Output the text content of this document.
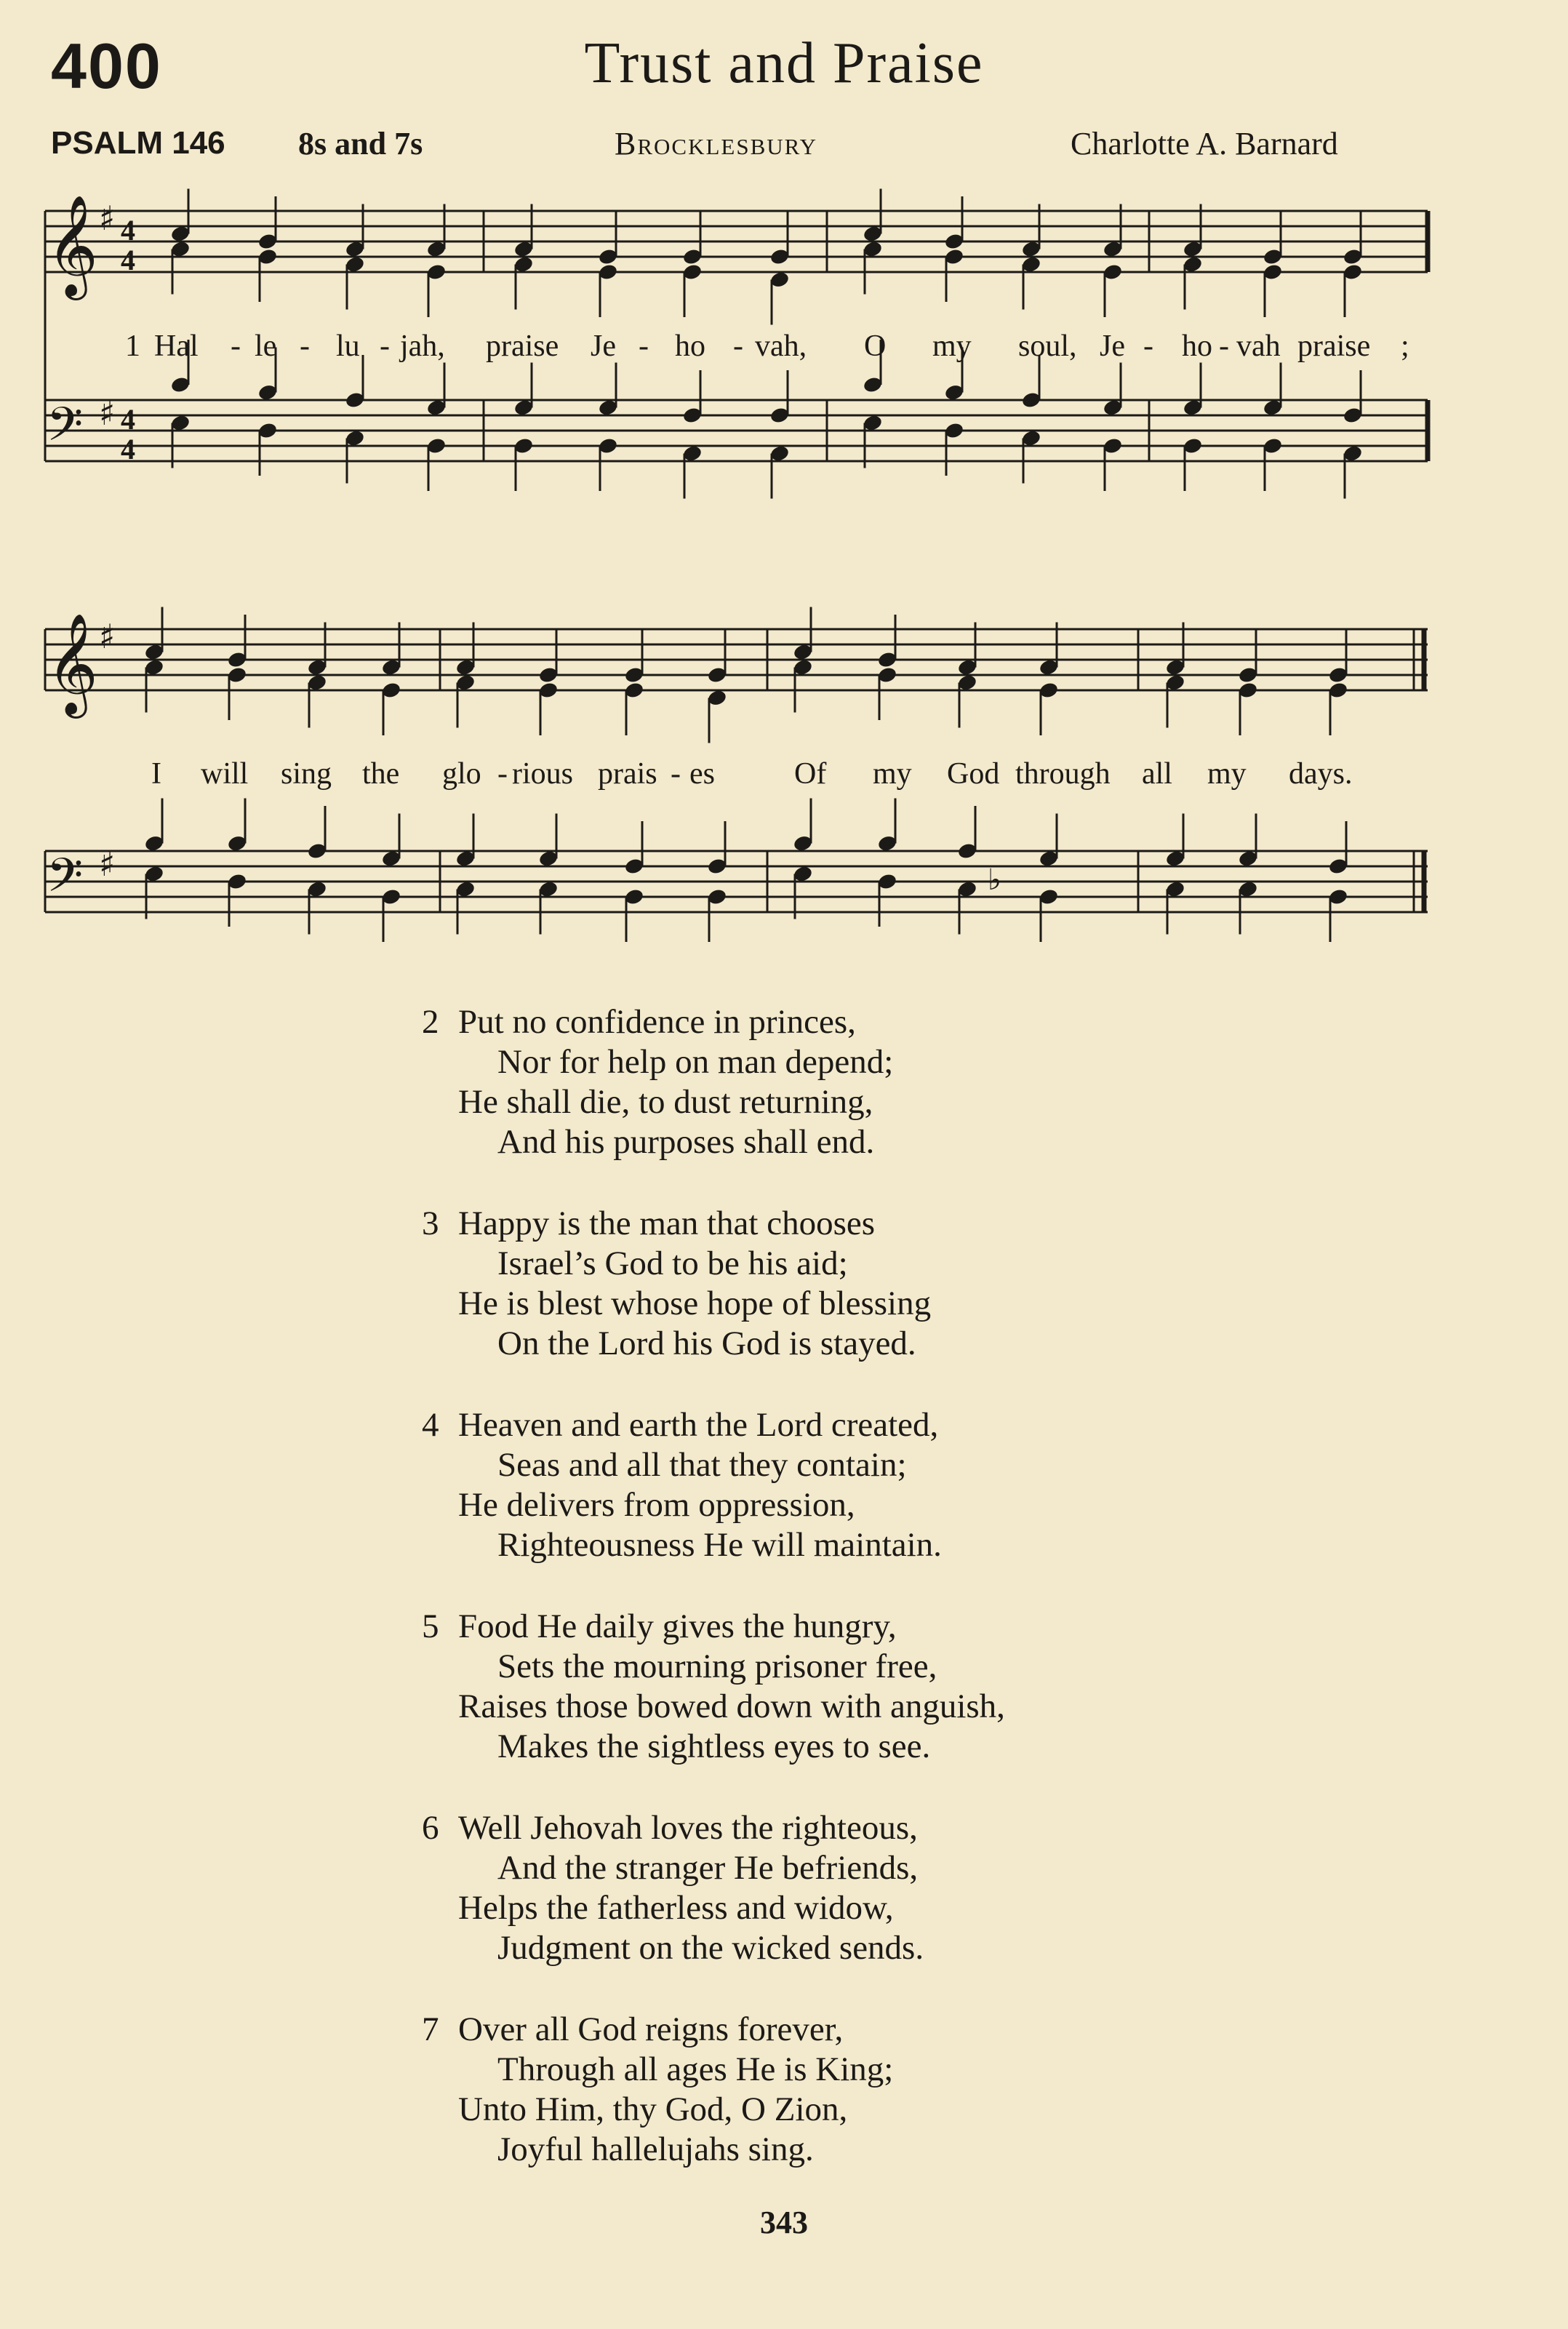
400	Trust and Praise
PSALM 146 8s and 7s	Brocklesbury	Charlotte A. Barnard
𝄞
𝄢
♯
♯
4
4
4
4
1 Hal - le - lu - jah, praise Je - ho - vah, O my soul, Je - ho - vah praise ;
𝄞
𝄢
♯
♯	♭
I will sing the glo - rious prais - es	Of my God through all my days.
2 Put no confidence in princes,
Nor for help on man depend;
He shall die, to dust returning,
And his purposes shall end.
3 Happy is the man that chooses
Israel’s God to be his aid;
He is blest whose hope of blessing
On the Lord his God is stayed.
4 Heaven and earth the Lord created,
Seas and all that they contain;
He delivers from oppression,
Righteousness He will maintain.
5 Food He daily gives the hungry,
Sets the mourning prisoner free,
Raises those bowed down with anguish,
Makes the sightless eyes to see.
6 Well Jehovah loves the righteous,
And the stranger He befriends,
Helps the fatherless and widow,
Judgment on the wicked sends.
7 Over all God reigns forever,
Through all ages He is King;
Unto Him, thy God, O Zion,
Joyful hallelujahs sing.
343
